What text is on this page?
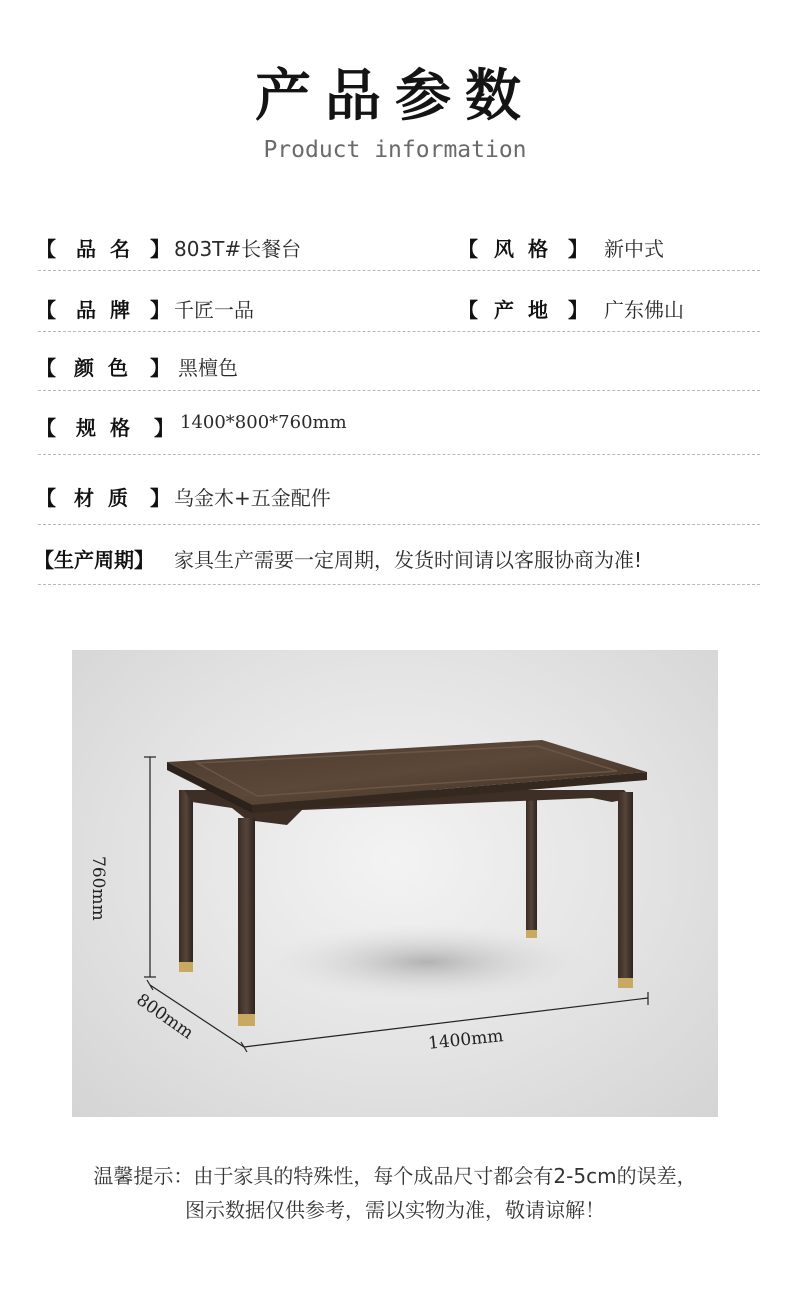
产品参数
Product information
【 品名 】 803T#长餐台	【 风格 】 新中式
【 品牌 】 千匠一品	【 产地 】 广东佛山
【 颜色 】 黑檀色
【 规格 】 1400*800*760mm
【 材质 】 乌金木+五金配件
【生产周期】 家具生产需要一定周期，发货时间请以客服协商为准!
760mm
800mm	1400mm
温馨提示：由于家具的特殊性，每个成品尺寸都会有2-5cm的误差，
图示数据仅供参考，需以实物为准，敬请谅解！
